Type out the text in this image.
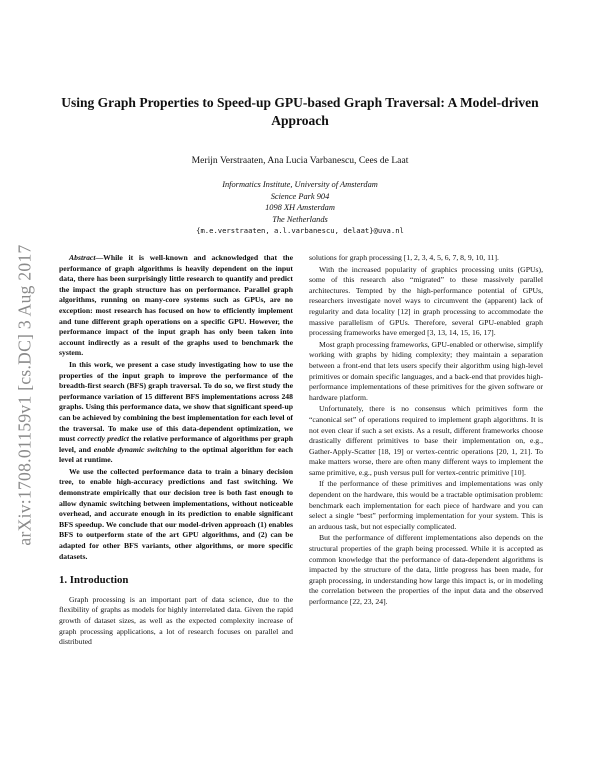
arXiv:1708.01159v1 [cs.DC] 3 Aug 2017
Using Graph Properties to Speed-up GPU-based Graph Traversal: A Model-driven Approach
Merijn Verstraaten, Ana Lucia Varbanescu, Cees de Laat
Informatics Institute, University of Amsterdam
Science Park 904
1098 XH Amsterdam
The Netherlands
{m.e.verstraaten, a.l.varbanescu, delaat}@uva.nl

Abstract—While it is well-known and acknowledged that the performance of graph algorithms is heavily dependent on the input data, there has been surprisingly little research to quantify and predict the impact the graph structure has on performance. Parallel graph algorithms, running on many-core systems such as GPUs, are no exception: most research has focused on how to efficiently implement and tune different graph operations on a specific GPU. However, the performance impact of the input graph has only been taken into account indirectly as a result of the graphs used to benchmark the system.

In this work, we present a case study investigating how to use the properties of the input graph to improve the performance of the breadth-first search (BFS) graph traversal. To do so, we first study the performance variation of 15 different BFS implementations across 248 graphs. Using this performance data, we show that significant speed-up can be achieved by combining the best implementation for each level of the traversal. To make use of this data-dependent optimization, we must correctly predict the relative performance of algorithms per graph level, and enable dynamic switching to the optimal algorithm for each level at runtime.

We use the collected performance data to train a binary decision tree, to enable high-accuracy predictions and fast switching. We demonstrate empirically that our decision tree is both fast enough to allow dynamic switching between implementations, without noticeable overhead, and accurate enough in its prediction to enable significant BFS speedup. We conclude that our model-driven approach (1) enables BFS to outperform state of the art GPU algorithms, and (2) can be adapted for other BFS variants, other algorithms, or more specific datasets.

1. Introduction

Graph processing is an important part of data science, due to the flexibility of graphs as models for highly interrelated data. Given the rapid growth of dataset sizes, as well as the expected complexity increase of graph processing applications, a lot of research focuses on parallel and distributed

solutions for graph processing [1, 2, 3, 4, 5, 6, 7, 8, 9, 10, 11].

With the increased popularity of graphics processing units (GPUs), some of this research also “migrated” to these massively parallel architectures. Tempted by the high-performance potential of GPUs, researchers investigate novel ways to circumvent the (apparent) lack of regularity and data locality [12] in graph processing to accommodate the massive parallelism of GPUs. Therefore, several GPU-enabled graph processing frameworks have emerged [3, 13, 14, 15, 16, 17].

Most graph processing frameworks, GPU-enabled or otherwise, simplify working with graphs by hiding complexity; they maintain a separation between a front-end that lets users specify their algorithm using high-level primitives or domain specific languages, and a back-end that provides high-performance implementations of these primitives for the given software or hardware platform.

Unfortunately, there is no consensus which primitives form the “canonical set” of operations required to implement graph algorithms. It is not even clear if such a set exists. As a result, different frameworks choose drastically different primitives to base their implementation on, e.g., Gather-Apply-Scatter [18, 19] or vertex-centric operations [20, 1, 21]. To make matters worse, there are often many different ways to implement the same primitive, e.g., push versus pull for vertex-centric primitive [10].

If the performance of these primitives and implementations was only dependent on the hardware, this would be a tractable optimisation problem: benchmark each implementation for each piece of hardware and you can select a single “best” performing implementation for your system. This is an arduous task, but not especially complicated.

But the performance of different implementations also depends on the structural properties of the graph being processed. While it is accepted as common knowledge that the performance of data-dependent algorithms is impacted by the structure of the data, little progress has been made, for graph processing, in understanding how large this impact is, or in modeling the correlation between the properties of the input data and the observed performance [22, 23, 24].
